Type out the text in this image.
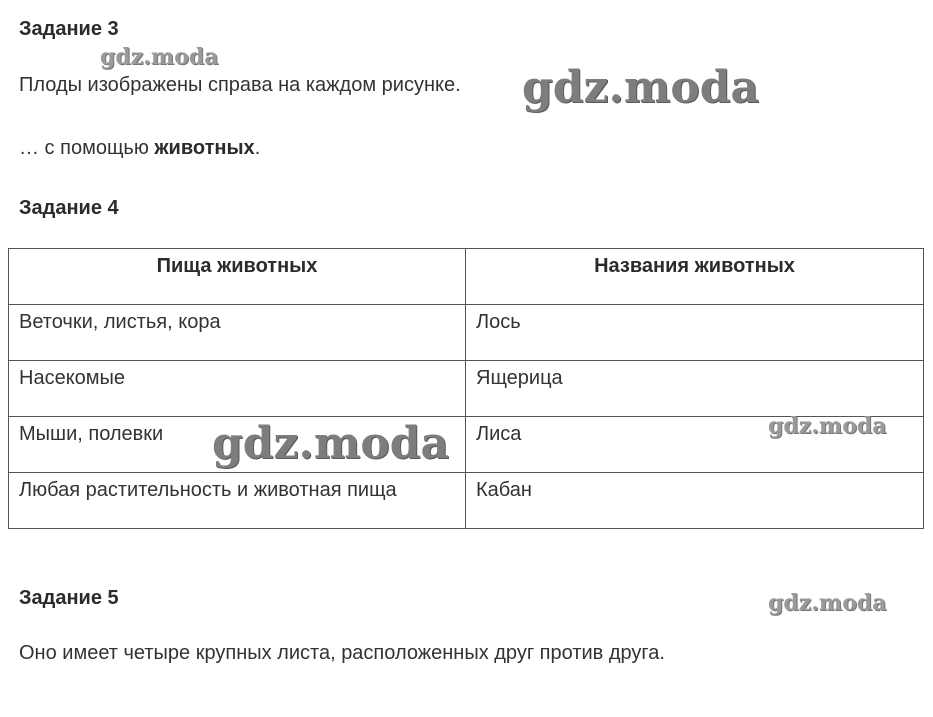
Задание 3

Плоды изображены справа на каждом рисунке.

… с помощью животных.

Задание 4
Пища животных	Названия животных

Веточки, листья, кора	Лось

Насекомые	Ящерица

Мыши, полевки	Лиса

Любая растительность и животная пища	Кабан
Задание 5

Оно имеет четыре крупных листа, расположенных друг против друга.

gdz.moda
gdz.moda
gdz.moda	gdz.moda
gdz.moda
